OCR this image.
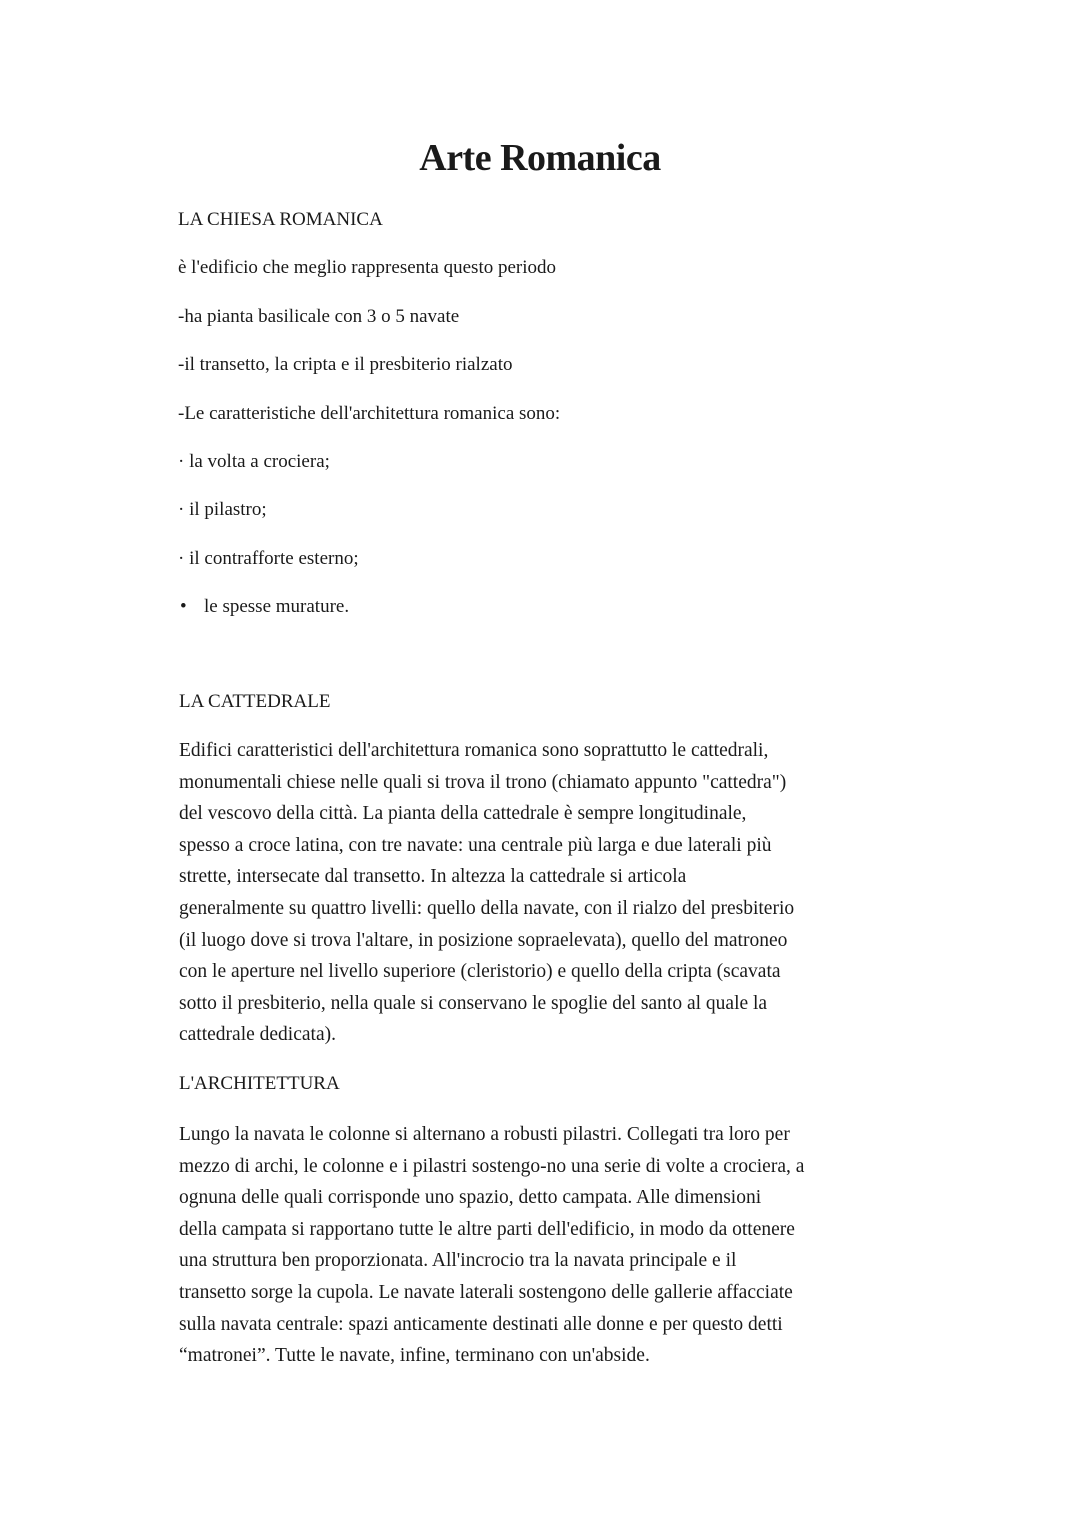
Arte Romanica

LA CHIESA ROMANICA

è l'edificio che meglio rappresenta questo periodo

-ha pianta basilicale con 3 o 5 navate

-il transetto, la cripta e il presbiterio rialzato

-Le caratteristiche dell'architettura romanica sono:

· la volta a crociera;

· il pilastro;

· il contrafforte esterno;

• le spesse murature.

LA CATTEDRALE

Edifici caratteristici dell'architettura romanica sono soprattutto le cattedrali,
monumentali chiese nelle quali si trova il trono (chiamato appunto "cattedra")
del vescovo della città. La pianta della cattedrale è sempre longitudinale,
spesso a croce latina, con tre navate: una centrale più larga e due laterali più
strette, intersecate dal transetto. In altezza la cattedrale si articola
generalmente su quattro livelli: quello della navate, con il rialzo del presbiterio
(il luogo dove si trova l'altare, in posizione sopraelevata), quello del matroneo
con le aperture nel livello superiore (cleristorio) e quello della cripta (scavata
sotto il presbiterio, nella quale si conservano le spoglie del santo al quale la
cattedrale dedicata).

L'ARCHITETTURA

Lungo la navata le colonne si alternano a robusti pilastri. Collegati tra loro per
mezzo di archi, le colonne e i pilastri sostengo-no una serie di volte a crociera, a
ognuna delle quali corrisponde uno spazio, detto campata. Alle dimensioni
della campata si rapportano tutte le altre parti dell'edificio, in modo da ottenere
una struttura ben proporzionata. All'incrocio tra la navata principale e il
transetto sorge la cupola. Le navate laterali sostengono delle gallerie affacciate
sulla navata centrale: spazi anticamente destinati alle donne e per questo detti
“matronei”. Tutte le navate, infine, terminano con un'abside.
